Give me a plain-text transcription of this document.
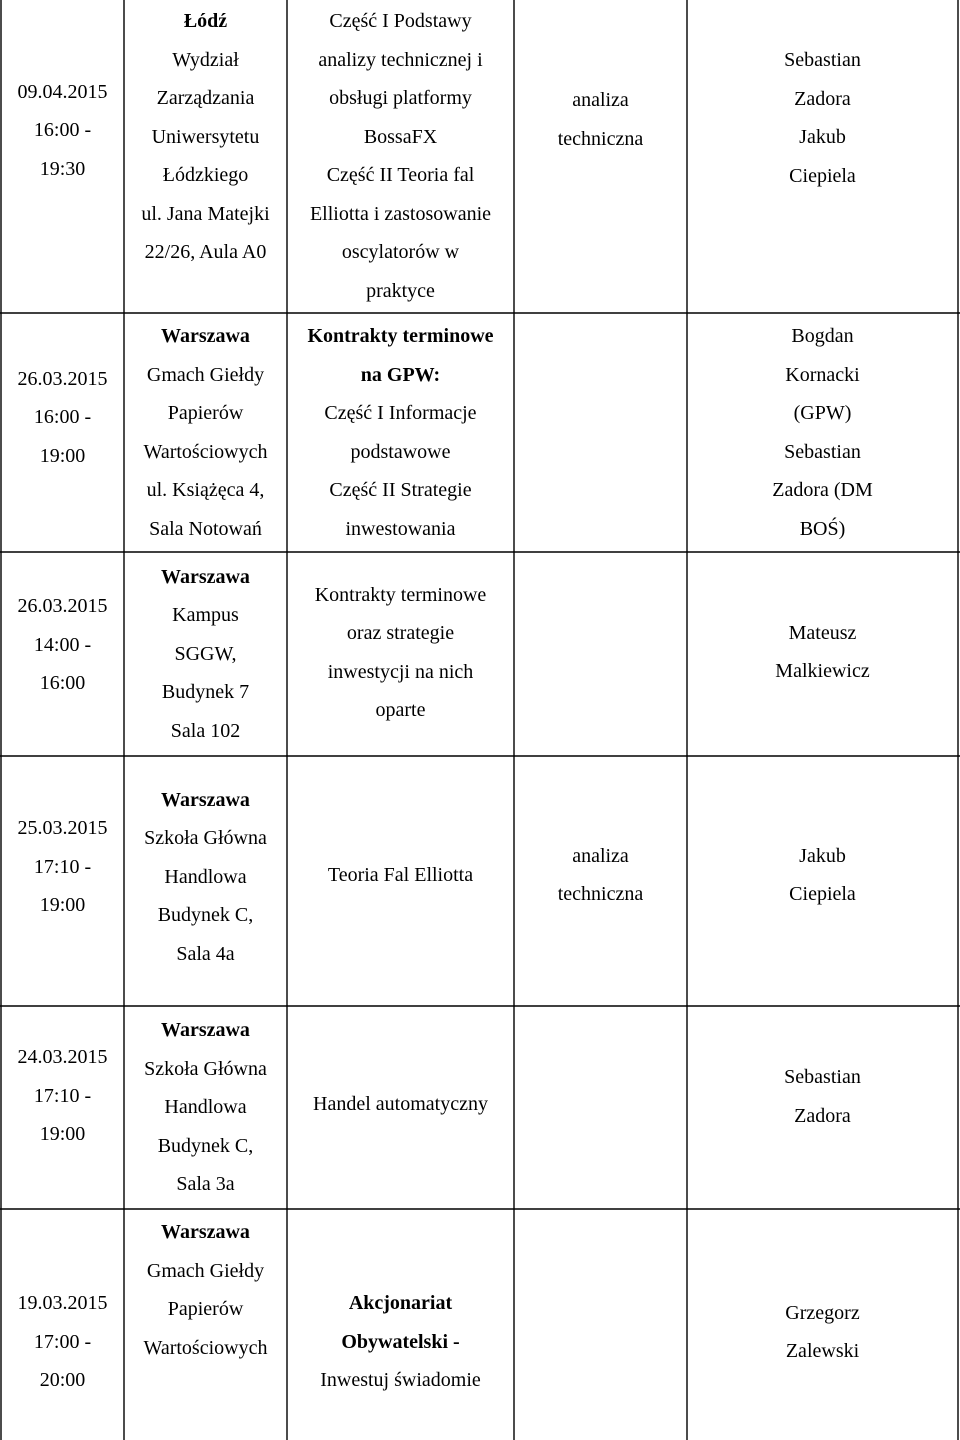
09.04.2015
16:00 -
19:30
Łódź
Wydział
Zarządzania
Uniwersytetu
Łódzkiego
ul. Jana Matejki
22/26, Aula A0
Część I Podstawy
analizy technicznej i
obsługi platformy
BossaFX
Część II Teoria fal
Elliotta i zastosowanie
oscylatorów w
praktyce
analiza
techniczna
Sebastian
Zadora
Jakub
Ciepiela
26.03.2015
16:00 -
19:00
Warszawa
Gmach Giełdy
Papierów
Wartościowych
ul. Książęca 4,
Sala Notowań
Kontrakty terminowe
na GPW:
Część I Informacje
podstawowe
Część II Strategie
inwestowania
Bogdan
Kornacki
(GPW)
Sebastian
Zadora (DM
BOŚ)
26.03.2015
14:00 -
16:00
Warszawa
Kampus
SGGW,
Budynek 7
Sala 102
Kontrakty terminowe
oraz strategie
inwestycji na nich
oparte
Mateusz
Malkiewicz
25.03.2015
17:10 -
19:00
Warszawa
Szkoła Główna
Handlowa
Budynek C,
Sala 4a
Teoria Fal Elliotta
analiza
techniczna
Jakub
Ciepiela
24.03.2015
17:10 -
19:00
Warszawa
Szkoła Główna
Handlowa
Budynek C,
Sala 3a
Handel automatyczny
Sebastian
Zadora
19.03.2015
17:00 -
20:00
Warszawa
Gmach Giełdy
Papierów
Wartościowych
Akcjonariat
Obywatelski -
Inwestuj świadomie
Grzegorz
Zalewski
